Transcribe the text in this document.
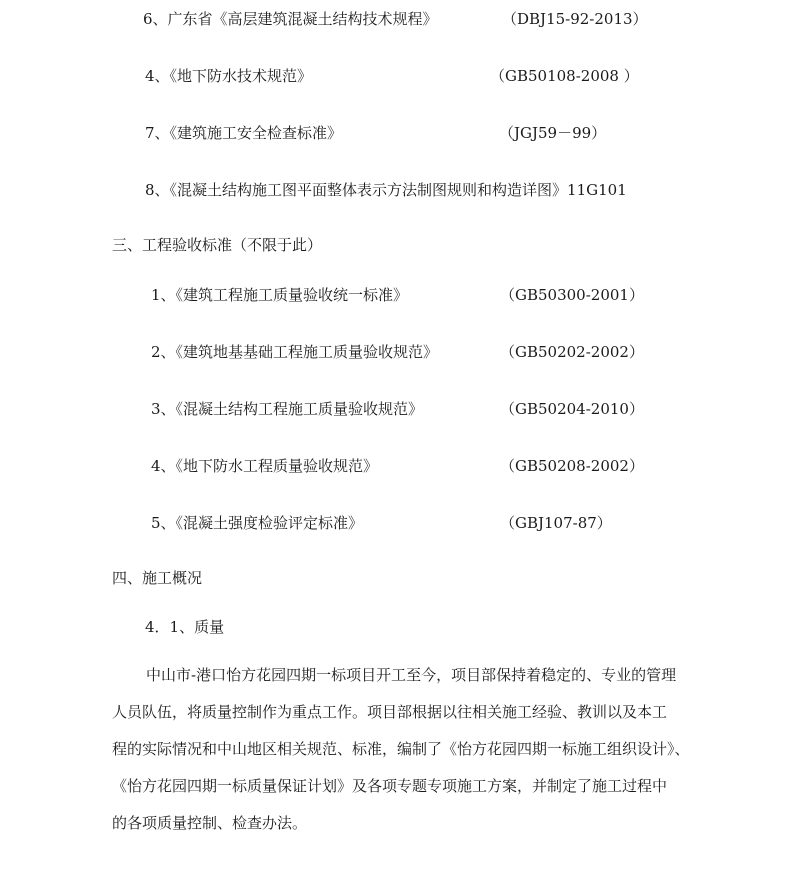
6、广东省《高层建筑混凝土结构技术规程》	（DBJ15-92-2013）
4、《地下防水技术规范》	（GB50108-2008 ）
7、《建筑施工安全检查标准》	（JGJ59－99）
8、《混凝土结构施工图平面整体表示方法制图规则和构造详图》11G101
三、工程验收标准（不限于此）
1、《建筑工程施工质量验收统一标准》	（GB50300-2001）
2、《建筑地基基础工程施工质量验收规范》	（GB50202-2002）
3、《混凝土结构工程施工质量验收规范》	（GB50204-2010）
4、《地下防水工程质量验收规范》	（GB50208-2002）
5、《混凝土强度检验评定标准》	（GBJ107-87）
四、施工概况
4．1、质量
中山市-港口怡方花园四期一标项目开工至今，项目部保持着稳定的、专业的管理
人员队伍，将质量控制作为重点工作。项目部根据以往相关施工经验、教训以及本工
程的实际情况和中山地区相关规范、标准，编制了《怡方花园四期一标施工组织设计》、
《怡方花园四期一标质量保证计划》及各项专题专项施工方案，并制定了施工过程中
的各项质量控制、检查办法。
